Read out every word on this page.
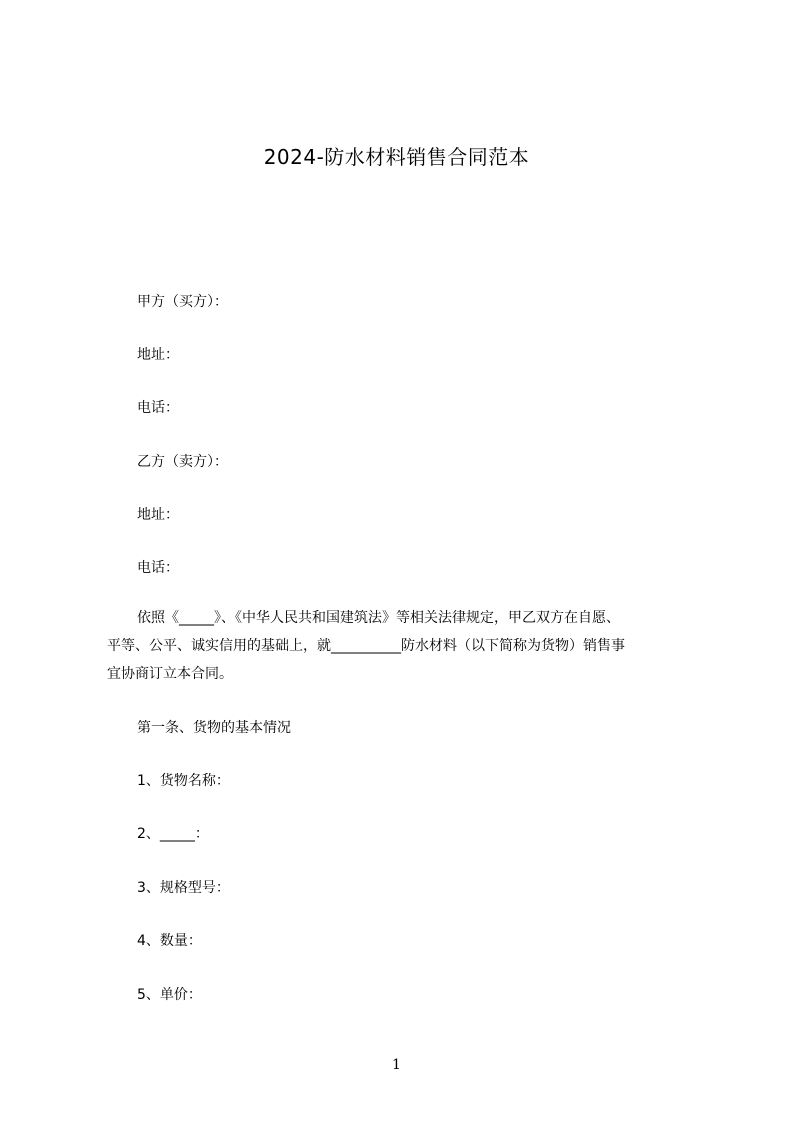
2024-防水材料销售合同范本
甲方（买方）：
地址：
电话：
乙方（卖方）：
地址：
电话：
依照《_____》、《中华人民共和国建筑法》等相关法律规定，甲乙双方在自愿、
平等、公平、诚实信用的基础上，就__________防水材料（以下简称为货物）销售事
宜协商订立本合同。
第一条、货物的基本情况
1、货物名称：
2、_____：
3、规格型号：
4、数量：
5、单价：
1
